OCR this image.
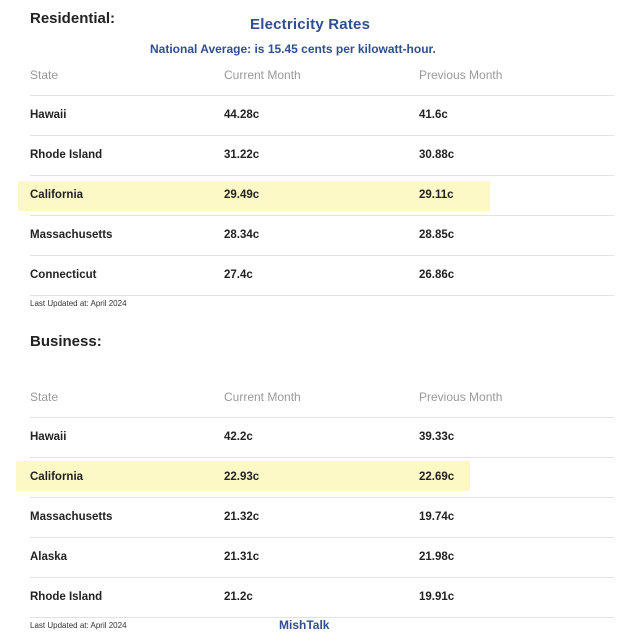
Residential:	Electricity Rates
National Average: is 15.45 cents per kilowatt-hour.
State	Current Month	Previous Month
Hawaii	44.28c	41.6c
Rhode Island	31.22c	30.88c
California	29.49c	29.11c
Massachusetts	28.34c	28.85c
Connecticut	27.4c	26.86c
Last Updated at: April 2024
Business:
State	Current Month	Previous Month
Hawaii	42.2c	39.33c
California	22.93c	22.69c
Massachusetts	21.32c	19.74c
Alaska	21.31c	21.98c
Rhode Island	21.2c	19.91c
Last Updated at: April 2024	MishTalk
